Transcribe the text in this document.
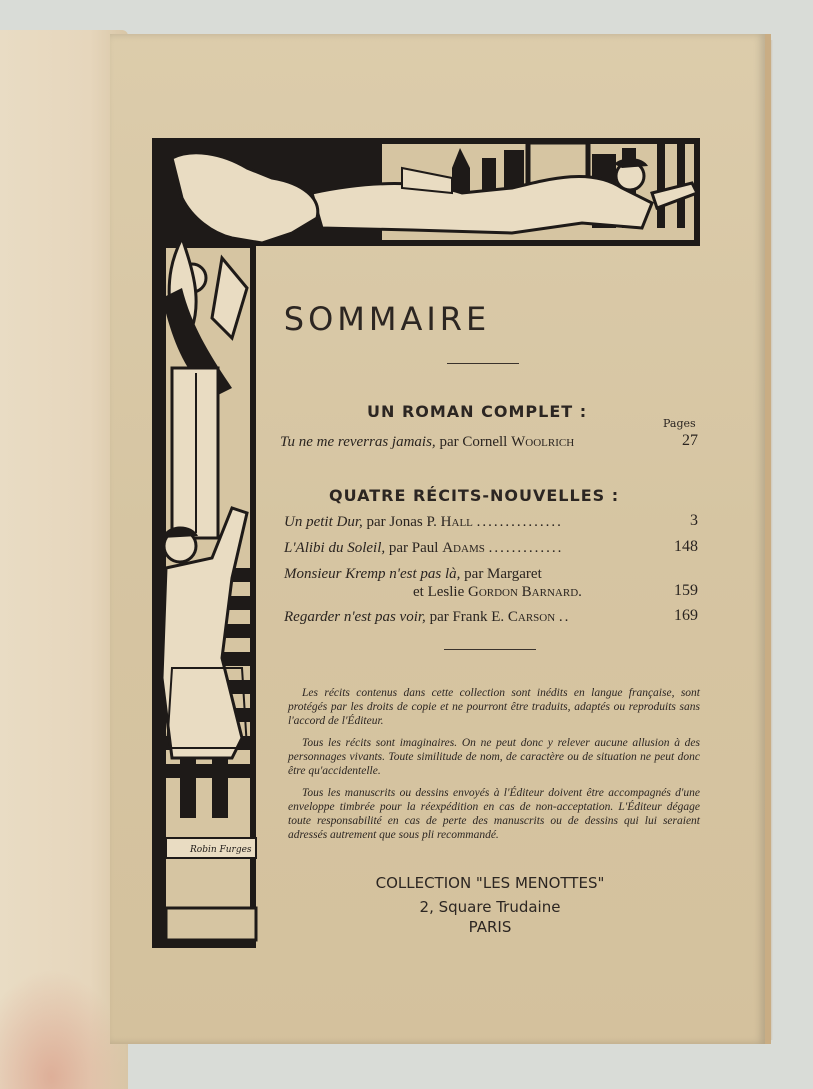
Robin Furges
SOMMAIRE
UN ROMAN COMPLET :
Pages
Tu ne me reverras jamais, par Cornell Woolrich	27
QUATRE RÉCITS-NOUVELLES :
Un petit Dur, par Jonas P. Hall ...............	3
L'Alibi du Soleil, par Paul Adams .............	148
Monsieur Kremp n'est pas là, par Margaret
et Leslie Gordon Barnard.	159
Regarder n'est pas voir, par Frank E. Carson ..	169
Les récits contenus dans cette collection sont inédits en langue française, sont protégés par les droits de copie et ne pourront être traduits, adaptés ou reproduits sans l'accord de l'Éditeur.
Tous les récits sont imaginaires. On ne peut donc y relever aucune allusion à des personnages vivants. Toute similitude de nom, de caractère ou de situation ne peut donc être qu'accidentelle.
Tous les manuscrits ou dessins envoyés à l'Éditeur doivent être accompagnés d'une enveloppe timbrée pour la réexpédition en cas de non-acceptation. L'Éditeur dégage toute responsabilité en cas de perte des manuscrits ou de dessins qui lui seraient adressés autrement que sous pli recommandé.
COLLECTION "LES MENOTTES"
2, Square Trudaine
PARIS
